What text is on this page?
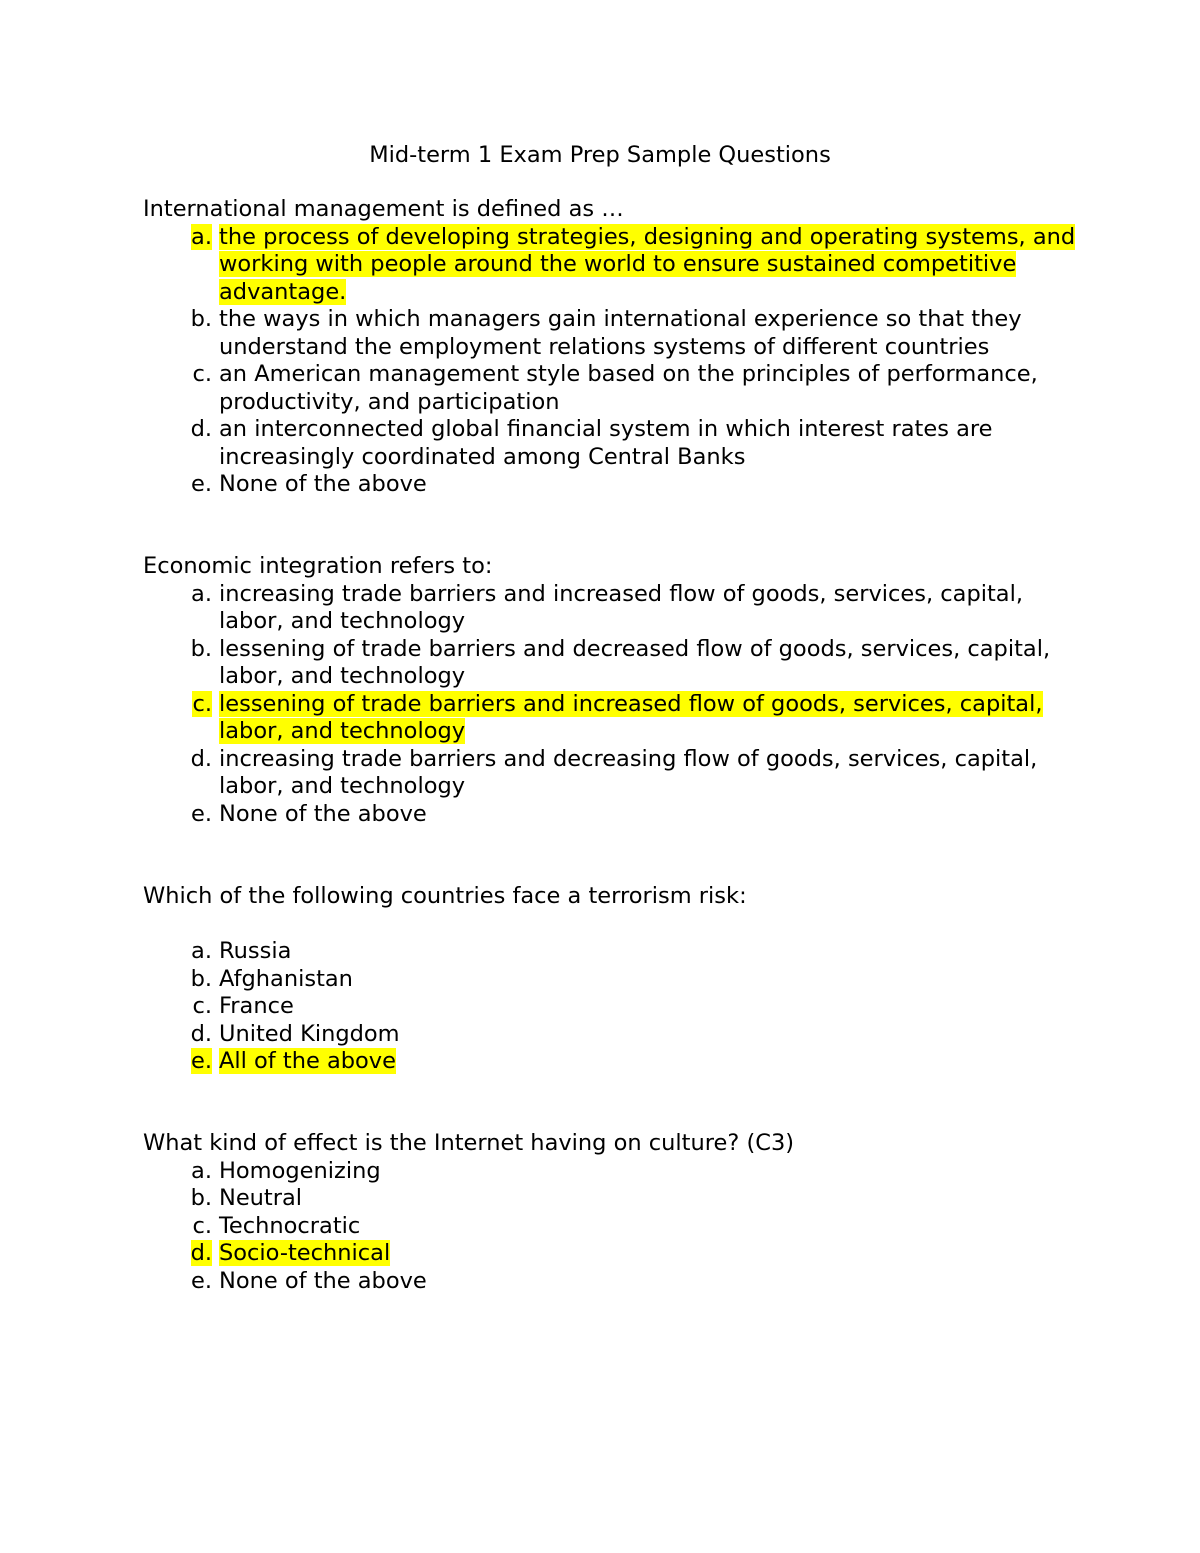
Mid-term 1 Exam Prep Sample Questions

International management is defined as …

a. the process of developing strategies, designing and operating systems, and working with people around the world to ensure sustained competitive advantage.
b. the ways in which managers gain international experience so that they understand the employment relations systems of different countries
c. an American management style based on the principles of performance, productivity, and participation
d. an interconnected global financial system in which interest rates are increasingly coordinated among Central Banks
e. None of the above

Economic integration refers to:

a. increasing trade barriers and increased flow of goods, services, capital, labor, and technology
b. lessening of trade barriers and decreased flow of goods, services, capital, labor, and technology
c. lessening of trade barriers and increased flow of goods, services, capital, labor, and technology
d. increasing trade barriers and decreasing flow of goods, services, capital, labor, and technology
e. None of the above

Which of the following countries face a terrorism risk:

a. Russia
b. Afghanistan
c. France
d. United Kingdom
e. All of the above

What kind of effect is the Internet having on culture? (C3)

a. Homogenizing
b. Neutral
c. Technocratic
d. Socio-technical
e. None of the above
